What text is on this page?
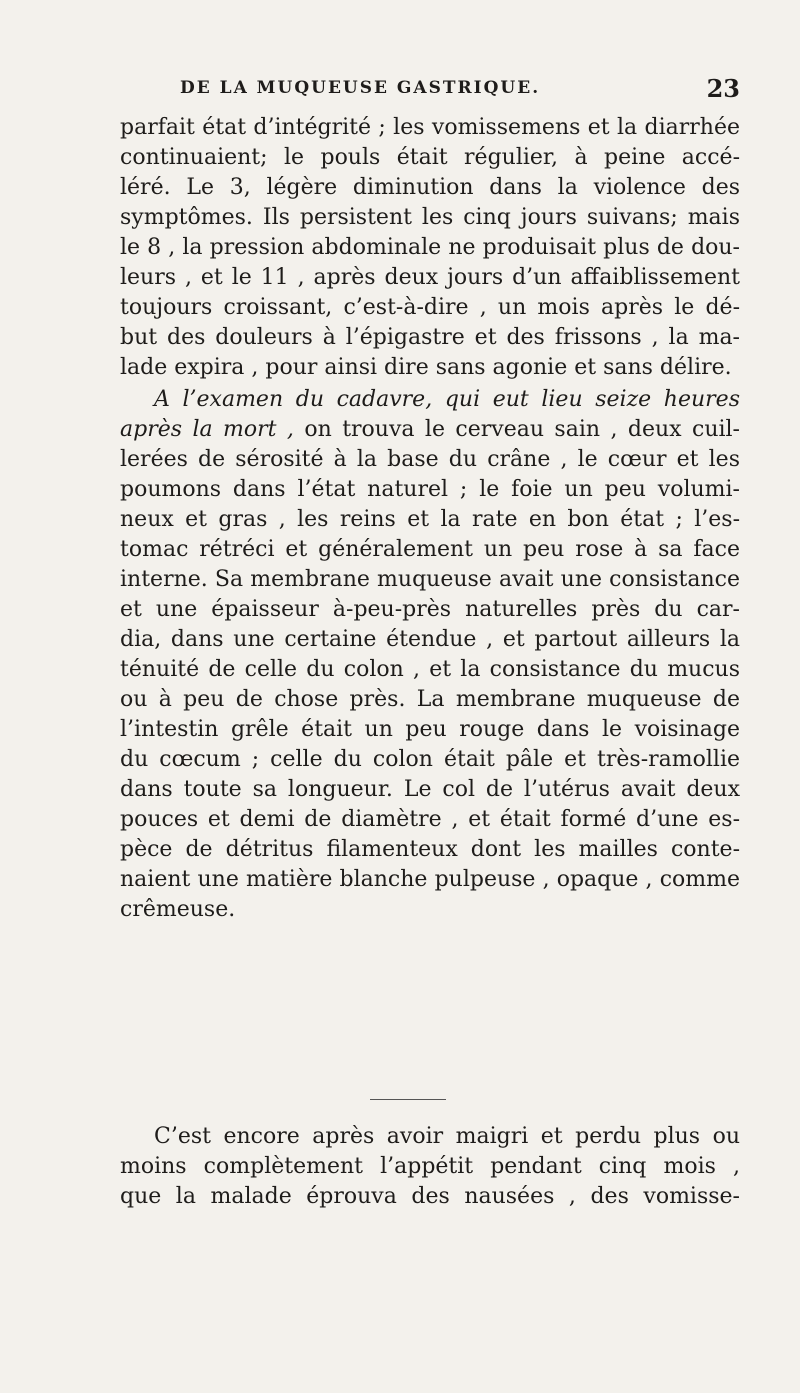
DE LA MUQUEUSE GASTRIQUE.	23
parfait état d’intégrité ; les vomissemens et la diarrhée
continuaient; le pouls était régulier, à peine accé-
léré. Le 3, légère diminution dans la violence des
symptômes. Ils persistent les cinq jours suivans; mais
le 8 , la pression abdominale ne produisait plus de dou-
leurs , et le 11 , après deux jours d’un affaiblissement
toujours croissant, c’est-à-dire , un mois après le dé-
but des douleurs à l’épigastre et des frissons , la ma-
lade expira , pour ainsi dire sans agonie et sans délire.
A l’examen du cadavre, qui eut lieu seize heures
après la mort , on trouva le cerveau sain , deux cuil-
lerées de sérosité à la base du crâne , le cœur et les
poumons dans l’état naturel ; le foie un peu volumi-
neux et gras , les reins et la rate en bon état ; l’es-
tomac rétréci et généralement un peu rose à sa face
interne. Sa membrane muqueuse avait une consistance
et une épaisseur à-peu-près naturelles près du car-
dia, dans une certaine étendue , et partout ailleurs la
ténuité de celle du colon , et la consistance du mucus
ou à peu de chose près. La membrane muqueuse de
l’intestin grêle était un peu rouge dans le voisinage
du cœcum ; celle du colon était pâle et très-ramollie
dans toute sa longueur. Le col de l’utérus avait deux
pouces et demi de diamètre , et était formé d’une es-
pèce de détritus filamenteux dont les mailles conte-
naient une matière blanche pulpeuse , opaque , comme
crêmeuse.
C’est encore après avoir maigri et perdu plus ou
moins complètement l’appétit pendant cinq mois ,
que la malade éprouva des nausées , des vomisse-
